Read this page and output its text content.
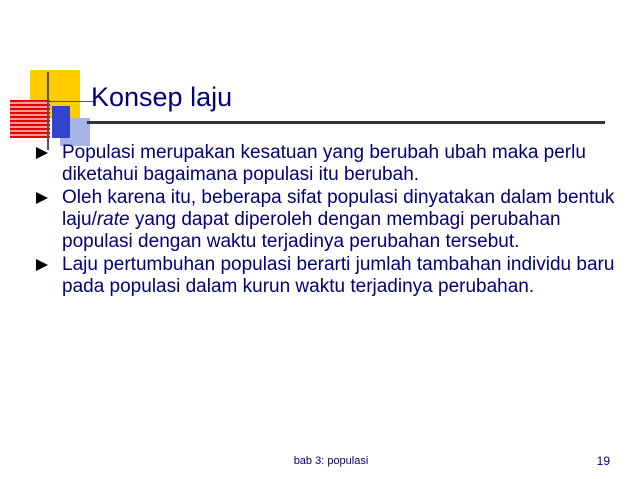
Konsep laju
Populasi merupakan kesatuan yang berubah ubah maka perlu diketahui bagaimana populasi itu berubah.
Oleh karena itu, beberapa sifat populasi dinyatakan dalam bentuk laju/rate yang dapat diperoleh dengan membagi perubahan populasi dengan waktu terjadinya perubahan tersebut.
Laju pertumbuhan populasi berarti jumlah tambahan individu baru pada populasi dalam kurun waktu terjadinya perubahan.
bab 3: populasi	19
